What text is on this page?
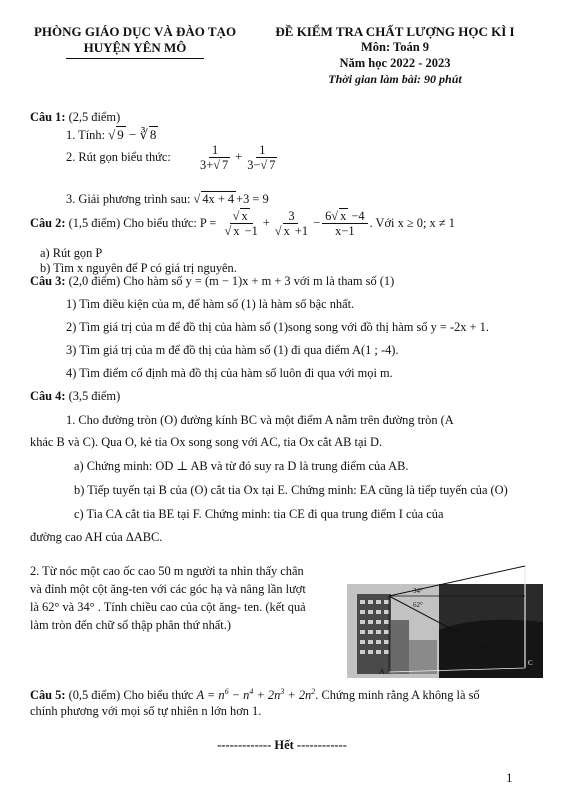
PHÒNG GIÁO DỤC VÀ ĐÀO TẠO
HUYỆN YÊN MÔ
ĐỀ KIỂM TRA CHẤT LƯỢNG HỌC KÌ I
Môn: Toán 9
Năm học 2022 - 2023
Thời gian làm bài: 90 phút
Câu 1: (2,5 điểm)
1. Tính: √ 9 − ∛ 8
2. Rút gọn biểu thức: $\frac{1}{3+√ 7} + \frac{1}{3-√ 7}$
3. Giải phương trình sau: √ 4x + 4 +3 = 9
Câu 2: (1,5 điểm) Cho biểu thức: $P = \frac{√ x}{√ x -1} + \frac{3}{√ x +1} - \frac{6√ x -4}{x-1}$ . Với x ≥ 0; x ≠ 1
a) Rút gọn P
b) Tìm x nguyên để P có giá trị nguyên.
Câu 3: (2,0 điểm) Cho hàm số y = (m − 1)x + m + 3 với m là tham số (1)
1) Tìm điều kiện của m, để hàm số (1) là hàm số bậc nhất.
2) Tìm giá trị của m để đồ thị của hàm số (1)song song với đồ thị hàm số y = -2x + 1.
3) Tìm giá trị của m để đồ thị của hàm số (1) đi qua điểm A(1 ; -4).
4) Tìm điểm cố định mà đồ thị của hàm số luôn đi qua với mọi m.
Câu 4: (3,5 điểm)
1. Cho đường tròn (O) đường kính BC và một điểm A nằm trên đường tròn (A
khác B và C). Qua O, kẻ tia Ox song song với AC, tia Ox cắt AB tại D.
a) Chứng minh: OD ⊥ AB và từ đó suy ra D là trung điểm của AB.
b) Tiếp tuyến tại B của (O) cắt tia Ox tại E. Chứng minh: EA cũng là tiếp tuyến của (O)
c) Tia CA cắt tia BE tại F. Chứng minh: tia CE đi qua trung điểm I của của
đường cao AH của ΔABC.
2. Từ nóc một cao ốc cao 50 m người ta nhìn thấy chân
và đỉnh một cột ăng-ten với các góc hạ và nâng lần lượt
là 62° và 34° . Tính chiều cao của cột ăng- ten. (kết quả
làm tròn đến chữ số thập phân thứ nhất.)
34°
62°
E
C
A
Câu 5: (0,5 điểm) Cho biểu thức $A = n^6 - n^4 + 2n^3 + 2n^2$. Chứng minh rằng A không là số
chính phương với mọi số tự nhiên n lớn hơn 1.
------------- Hết ------------
1
